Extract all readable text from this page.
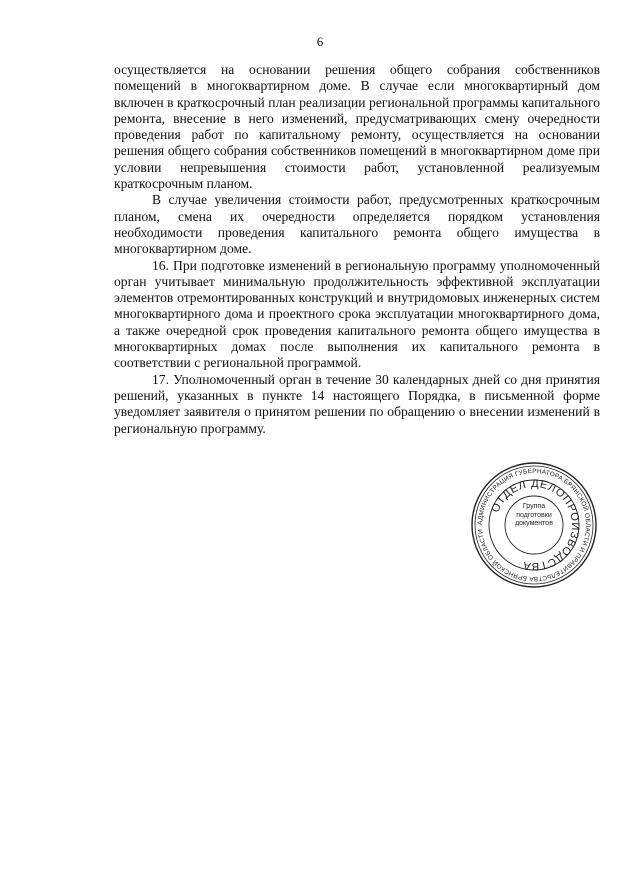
6

осуществляется на основании решения общего собрания собственников помещений в многоквартирном доме. В случае если многоквартирный дом включен в краткосрочный план реализации региональной программы капитального ремонта, внесение в него изменений, предусматривающих смену очередности проведения работ по капитальному ремонту, осуществляется на основании решения общего собрания собственников помещений в многоквартирном доме при условии непревышения стоимости работ, установленной реализуемым краткосрочным планом.

В случае увеличения стоимости работ, предусмотренных краткосрочным планом, смена их очередности определяется порядком установления необходимости проведения капитального ремонта общего имущества в многоквартирном доме.

16. При подготовке изменений в региональную программу уполномоченный орган учитывает минимальную продолжительность эффективной эксплуатации элементов отремонтированных конструкций и внутридомовых инженерных систем многоквартирного дома и проектного срока эксплуатации многоквартирного дома, а также очередной срок проведения капитального ремонта общего имущества в многоквартирных домах после выполнения их капитального ремонта в соответствии с региональной программой.

17. Уполномоченный орган в течение 30 календарных дней со дня принятия решений, указанных в пункте 14 настоящего Порядка, в письменной форме уведомляет заявителя о принятом решении по обращению о внесении изменений в региональную программу.

АДМИНИСТРАЦИЯ ГУБЕРНАТОРА БРЯНСКОЙ ОБЛАСТИ И ПРАВИТЕЛЬСТВА БРЯНСКОЙ ОБЛАСТИ
ОТДЕЛ ДЕЛОПРОИЗВОДСТВА
Группа
подготовки
документов
